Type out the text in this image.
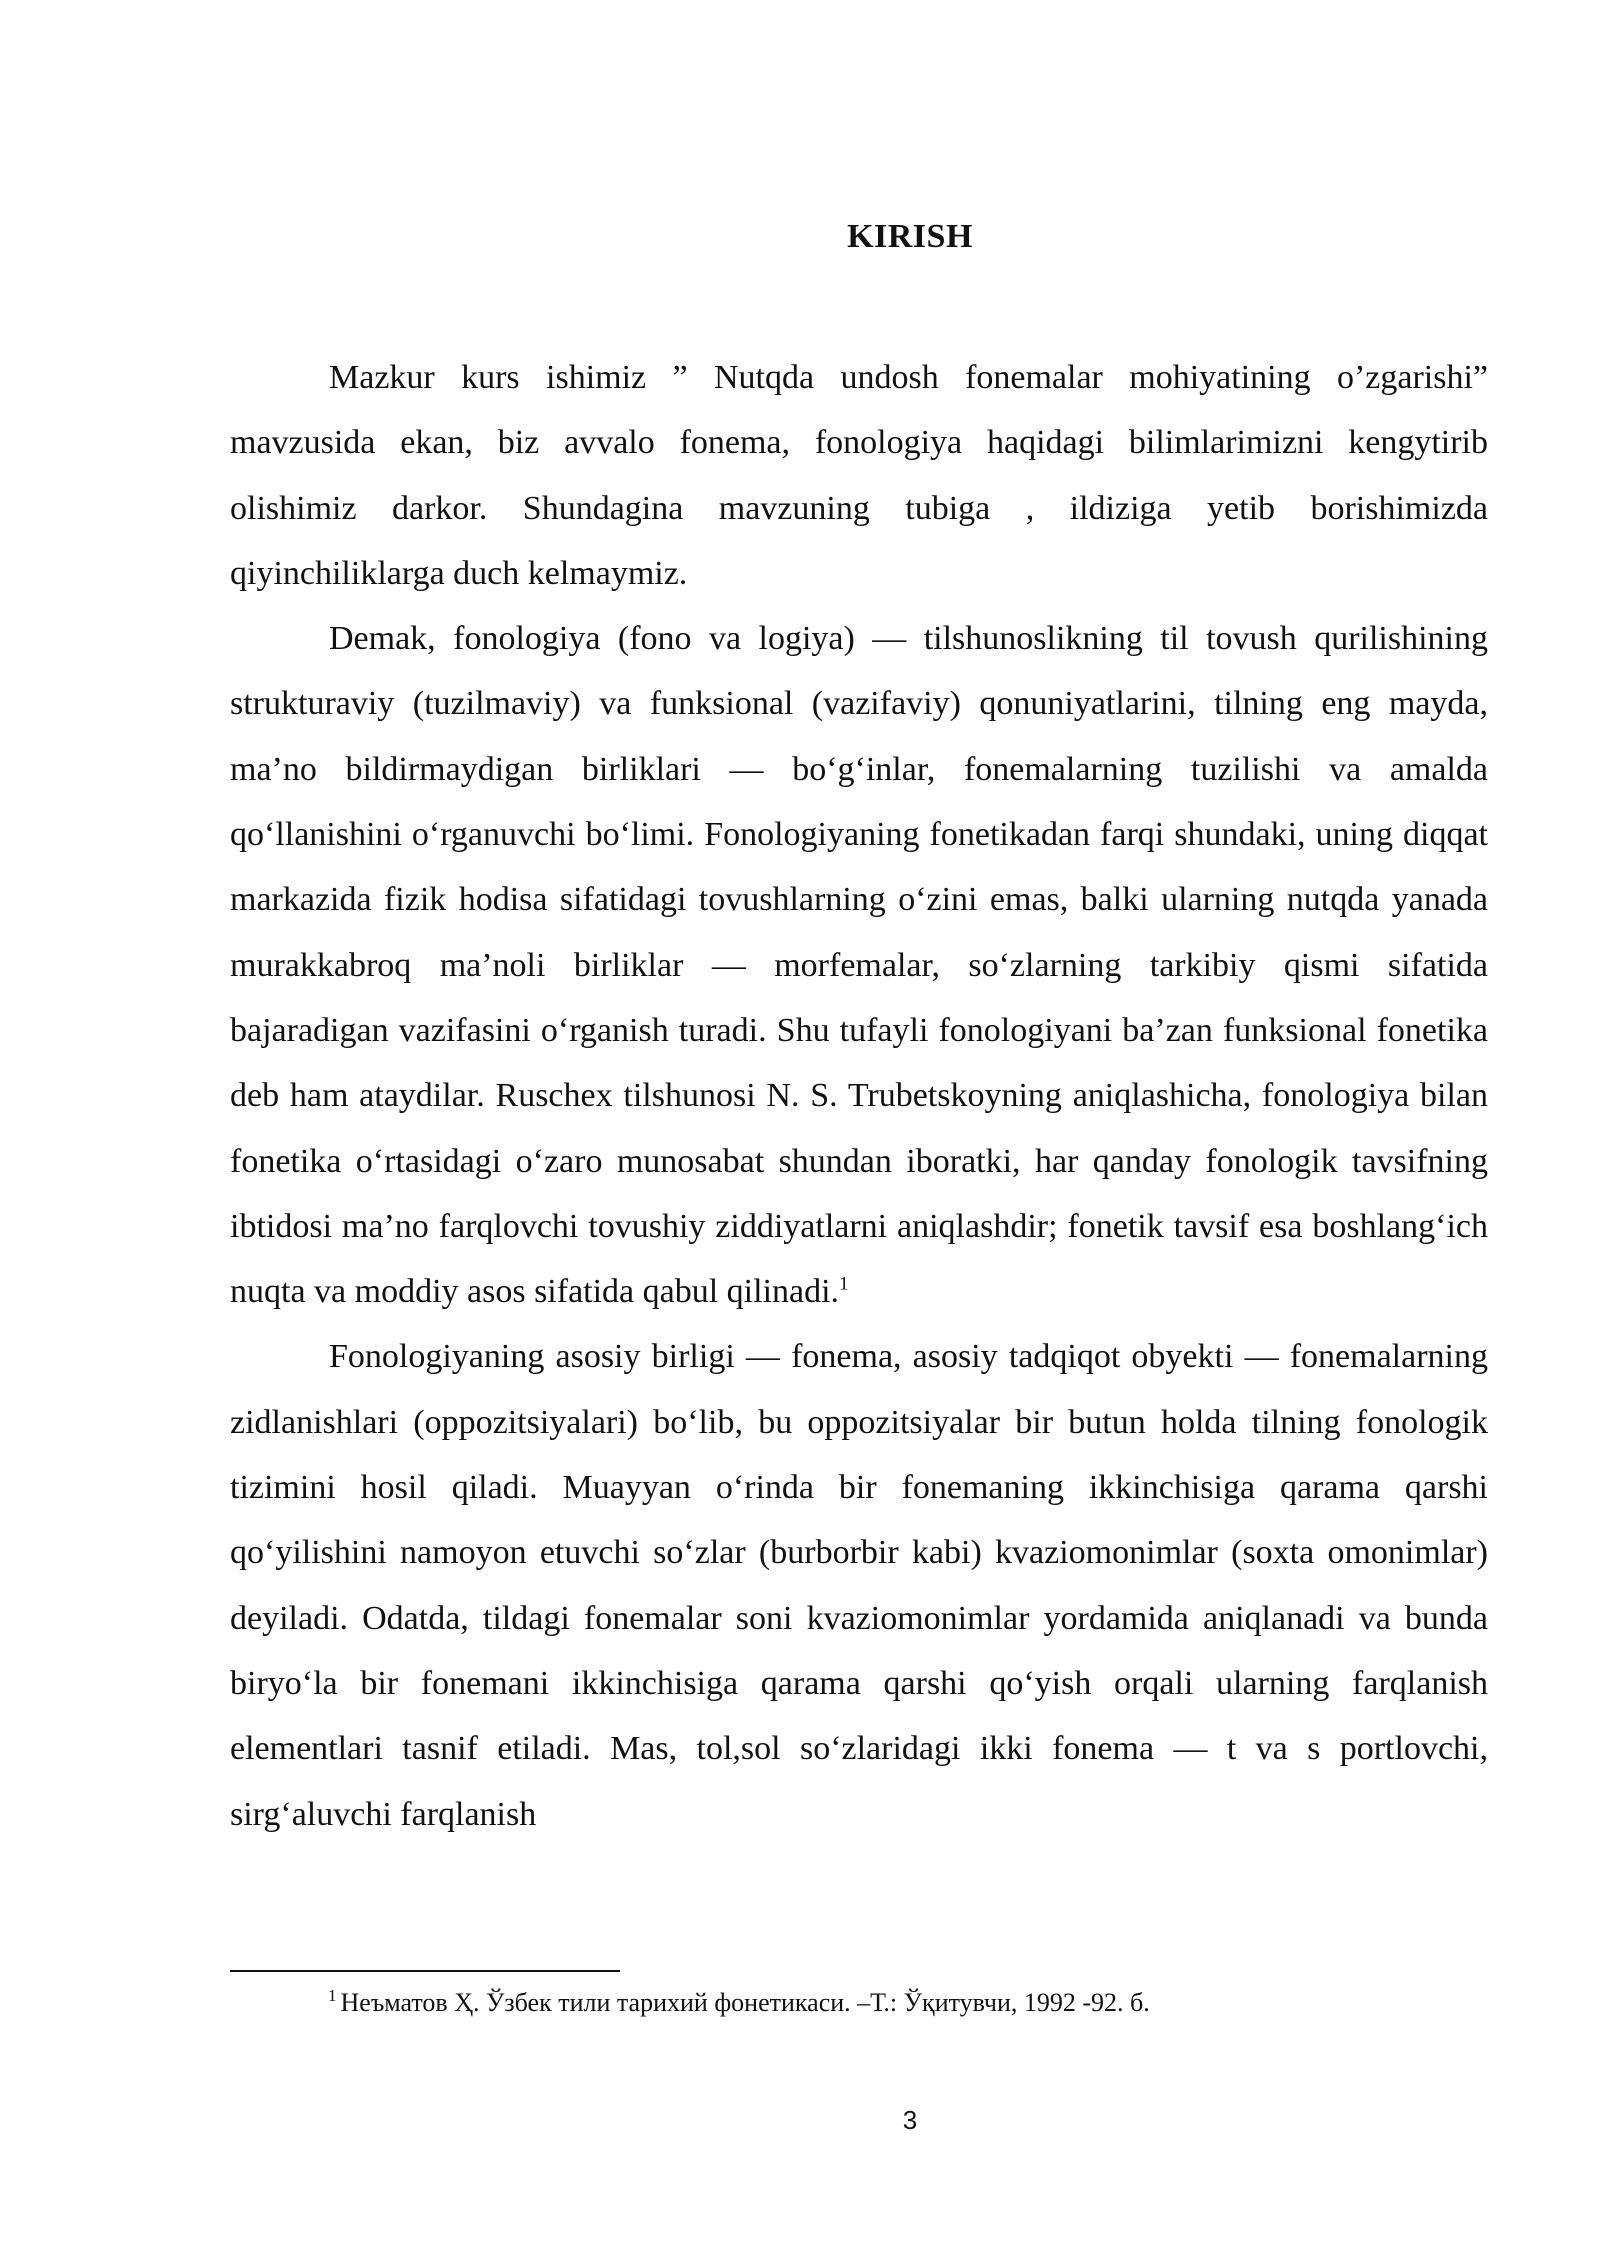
KIRISH

Mazkur kurs ishimiz ” Nutqda undosh fonemalar mohiyatining o’zgarishi” mavzusida ekan, biz avvalo fonema, fonologiya haqidagi bilimlarimizni kengytirib olishimiz darkor. Shundagina mavzuning tubiga , ildiziga yetib borishimizda qiyinchiliklarga duch kelmaymiz.

Demak, fonologiya (fono va logiya) — tilshunoslikning til tovush qurilishining strukturaviy (tuzilmaviy) va funksional (vazifaviy) qonuniyatlarini, tilning eng mayda, ma’no bildirmaydigan birliklari — bo‘g‘inlar, fonemalarning tuzilishi va amalda qo‘llanishini o‘rganuvchi bo‘limi. Fonologiyaning fonetikadan farqi shundaki, uning diqqat markazida fizik hodisa sifatidagi tovushlarning o‘zini emas, balki ularning nutqda yanada murakkabroq ma’noli birliklar — morfemalar, so‘zlarning tarkibiy qismi sifatida bajaradigan vazifasini o‘rganish turadi. Shu tufayli fonologiyani ba’zan funksional fonetika deb ham ataydilar. Ruschex tilshunosi N. S. Trubetskoyning aniqlashicha, fonologiya bilan fonetika o‘rtasidagi o‘zaro munosabat shundan iboratki, har qanday fonologik tavsifning ibtidosi ma’no farqlovchi tovushiy ziddiyatlarni aniqlashdir; fonetik tavsif esa boshlang‘ich nuqta va moddiy asos sifatida qabul qilinadi.$^1$

Fonologiyaning asosiy birligi — fonema, asosiy tadqiqot obyekti — fonemalarning zidlanishlari (oppozitsiyalari) bo‘lib, bu oppozitsiyalar bir butun holda tilning fonologik tizimini hosil qiladi. Muayyan o‘rinda bir fonemaning ikkinchisiga qarama qarshi qo‘yilishini namoyon etuvchi so‘zlar (burborbir kabi) kvaziomonimlar (soxta omonimlar) deyiladi. Odatda, tildagi fonemalar soni kvaziomonimlar yordamida aniqlanadi va bunda biryo‘la bir fonemani ikkinchisiga qarama qarshi qo‘yish orqali ularning farqlanish elementlari tasnif etiladi. Mas, tol,sol so‘zlaridagi ikki fonema — t va s portlovchi, sirg‘aluvchi farqlanish

$^1$ Неъматов Ҳ. Ўзбек тили тарихий фонетикаси. –Т.: Ўқитувчи, 1992 -92. б.
3
